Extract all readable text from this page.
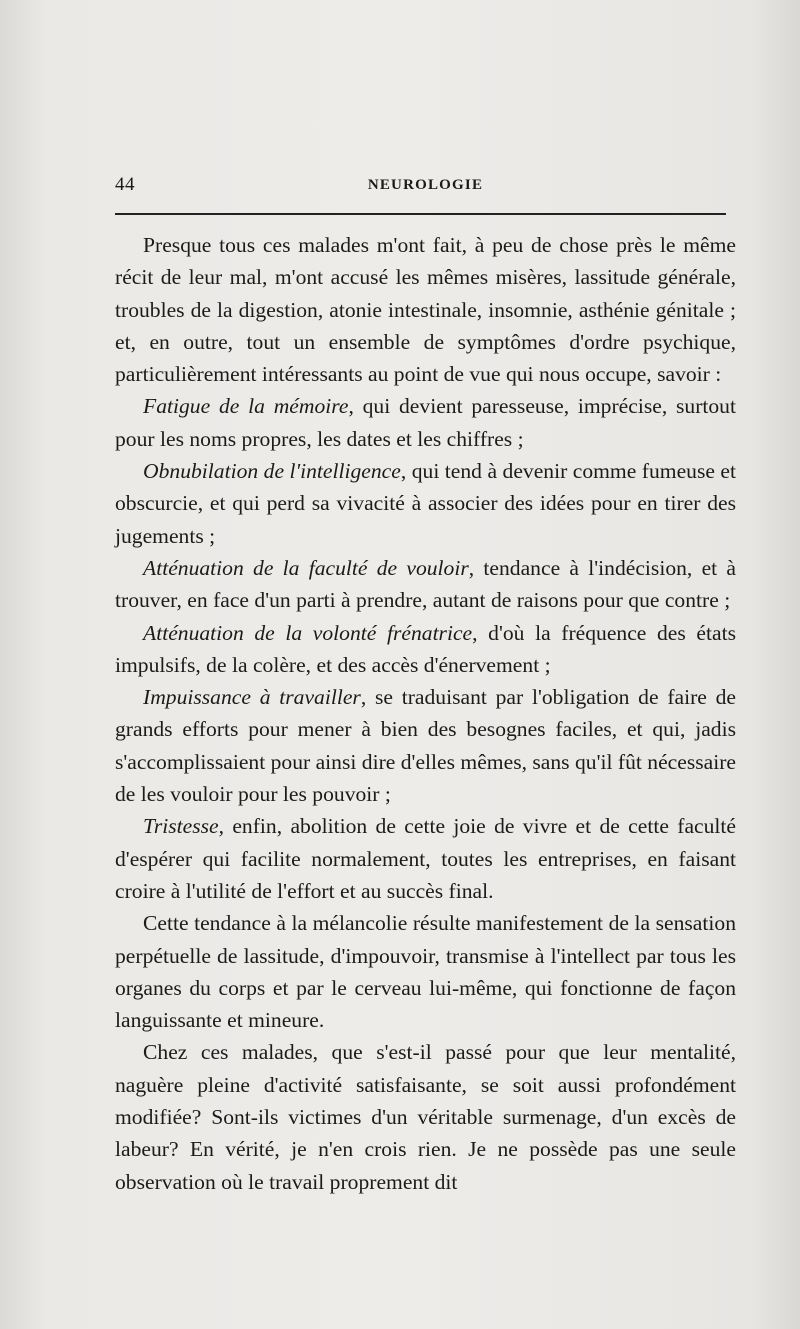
44	NEUROLOGIE

Presque tous ces malades m'ont fait, à peu de chose près le même récit de leur mal, m'ont accusé les mêmes misères, lassitude générale, troubles de la digestion, atonie intestinale, insomnie, asthénie génitale ; et, en outre, tout un ensemble de symptômes d'ordre psychique, particulièrement intéressants au point de vue qui nous occupe, savoir :

Fatigue de la mémoire, qui devient paresseuse, imprécise, surtout pour les noms propres, les dates et les chiffres ;

Obnubilation de l'intelligence, qui tend à devenir comme fumeuse et obscurcie, et qui perd sa vivacité à associer des idées pour en tirer des jugements ;

Atténuation de la faculté de vouloir, tendance à l'indécision, et à trouver, en face d'un parti à prendre, autant de raisons pour que contre ;

Atténuation de la volonté frénatrice, d'où la fréquence des états impulsifs, de la colère, et des accès d'énervement ;

Impuissance à travailler, se traduisant par l'obligation de faire de grands efforts pour mener à bien des besognes faciles, et qui, jadis s'accomplissaient pour ainsi dire d'elles mêmes, sans qu'il fût nécessaire de les vouloir pour les pouvoir ;

Tristesse, enfin, abolition de cette joie de vivre et de cette faculté d'espérer qui facilite normalement, toutes les entreprises, en faisant croire à l'utilité de l'effort et au succès final.

Cette tendance à la mélancolie résulte manifestement de la sensation perpétuelle de lassitude, d'impouvoir, transmise à l'intellect par tous les organes du corps et par le cerveau lui-même, qui fonctionne de façon languissante et mineure.

Chez ces malades, que s'est-il passé pour que leur mentalité, naguère pleine d'activité satisfaisante, se soit aussi profondément modifiée? Sont-ils victimes d'un véritable surmenage, d'un excès de labeur? En vérité, je n'en crois rien. Je ne possède pas une seule observation où le travail proprement dit
